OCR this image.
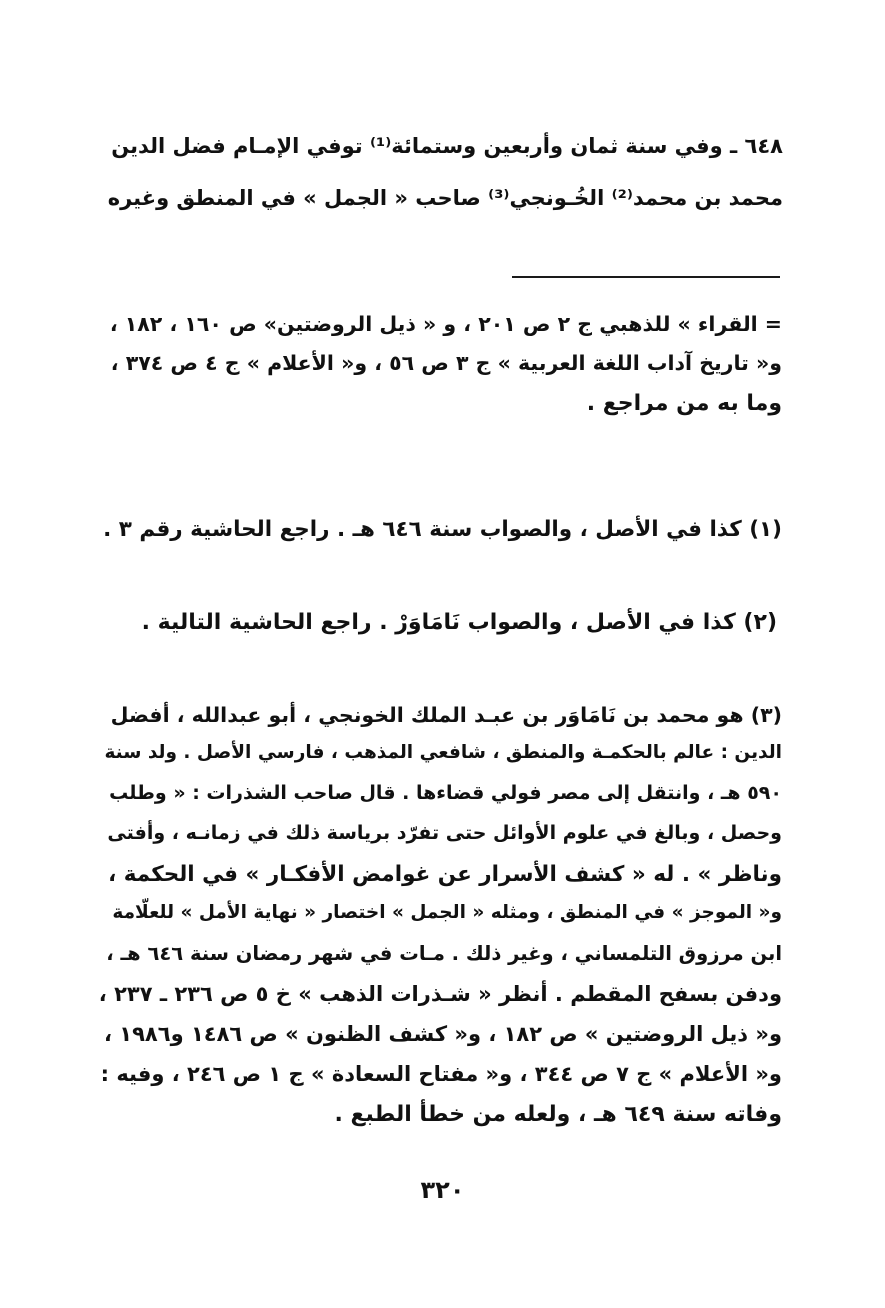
٦٤٨ ـ وفي سنة ثمان وأربعين وستمائة⁽¹⁾ توفي الإمـام فضل الدين
محمد بن محمد⁽²⁾ الخُـونجي⁽³⁾ صاحب « الجمل » في المنطق وغيره
= القراء » للذهبي ج ٢ ص ٢٠١ ، و « ذيل الروضتين» ص ١٦٠ ، ١٨٢ ،
و« تاريخ آداب اللغة العربية » ج ٣ ص ٥٦ ، و« الأعلام » ج ٤ ص ٣٧٤ ،
وما به من مراجع .
(١) كذا في الأصل ، والصواب سنة ٦٤٦ هـ . راجع الحاشية رقم ٣ .
(٢) كذا في الأصل ، والصواب نَامَاوَرْ . راجع الحاشية التالية .
(٣) هو محمد بن نَامَاوَر بن عبـد الملك الخونجي ، أبو عبدالله ، أفضل
الدين : عالم بالحكمـة والمنطق ، شافعي المذهب ، فارسي الأصل . ولد سنة
٥٩٠ هـ ، وانتقل إلى مصر فولي قضاءها . قال صاحب الشذرات : « وطلب
وحصل ، وبالغ في علوم الأوائل حتى تفرّد برياسة ذلك في زمانـه ، وأفتى
وناظر » . له « كشف الأسرار عن غوامض الأفكـار » في الحكمة ،
و« الموجز » في المنطق ، ومثله « الجمل » اختصار « نهاية الأمل » للعلّامة
ابن مرزوق التلمساني ، وغير ذلك . مـات في شهر رمضان سنة ٦٤٦ هـ ،
ودفن بسفح المقطم . أنظر « شـذرات الذهب » خ ٥ ص ٢٣٦ ـ ٢٣٧ ،
و« ذيل الروضتين » ص ١٨٢ ، و« كشف الظنون » ص ١٤٨٦ و١٩٨٦ ،
و« الأعلام » ج ٧ ص ٣٤٤ ، و« مفتاح السعادة » ج ١ ص ٢٤٦ ، وفيه :
وفاته سنة ٦٤٩ هـ ، ولعله من خطأ الطبع .
٣٢٠
